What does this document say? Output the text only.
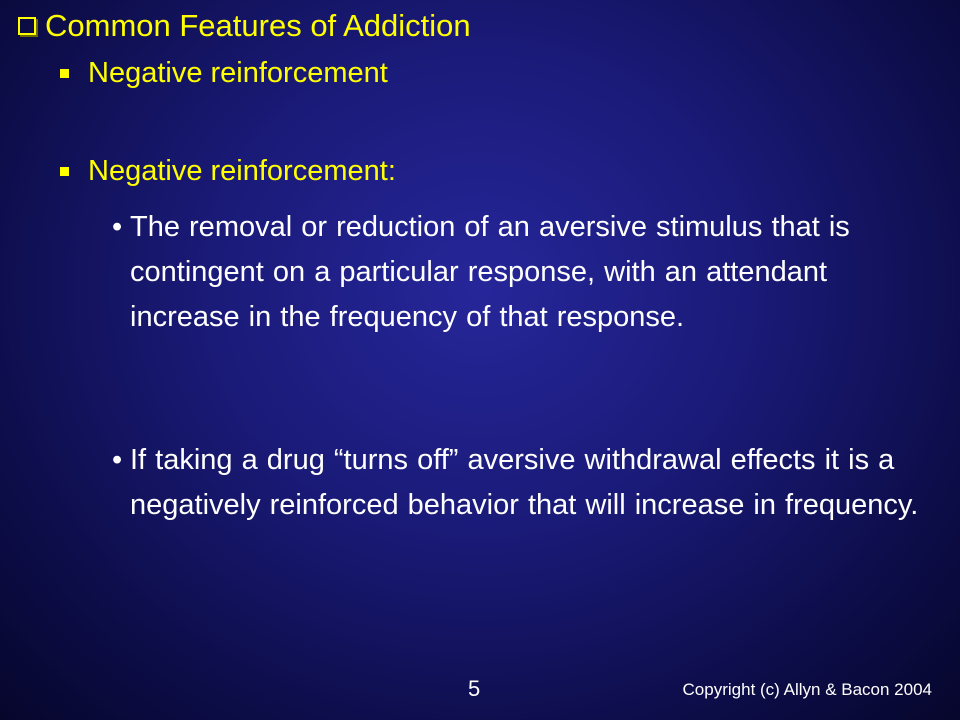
Common Features of Addiction
Negative reinforcement
Negative reinforcement:
• The removal or reduction of an aversive stimulus that is contingent on a particular response, with an attendant increase in the frequency of that response.
• If taking a drug “turns off” aversive withdrawal effects it is a negatively reinforced behavior that will increase in frequency.
5	Copyright (c) Allyn & Bacon 2004
